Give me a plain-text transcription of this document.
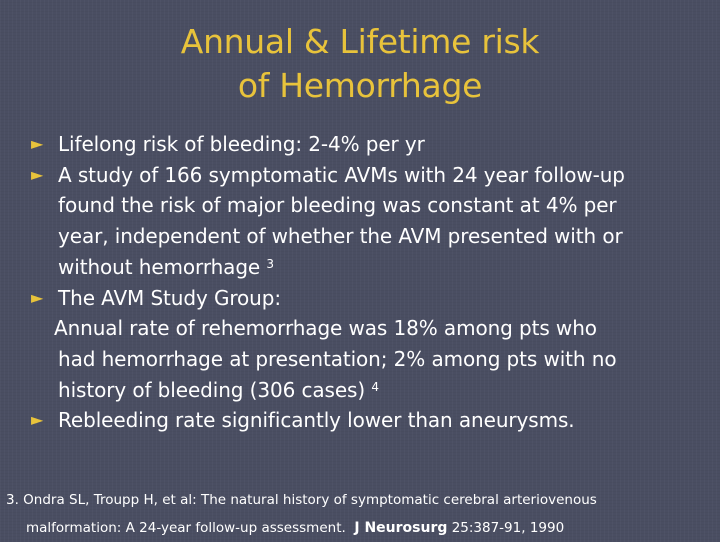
Annual & Lifetime risk
of Hemorrhage
► Lifelong risk of bleeding: 2-4% per yr
► A study of 166 symptomatic AVMs with 24 year follow-up
found the risk of major bleeding was constant at 4% per
year, independent of whether the AVM presented with or
without hemorrhage $^3$
► The AVM Study Group:
Annual rate of rehemorrhage was 18% among pts who
had hemorrhage at presentation; 2% among pts with no
history of bleeding (306 cases) $^4$
► Rebleeding rate significantly lower than aneurysms.
3. Ondra SL, Troupp H, et al: The natural history of symptomatic cerebral arteriovenous
malformation: A 24-year follow-up assessment. J Neurosurg 25:387-91, 1990
